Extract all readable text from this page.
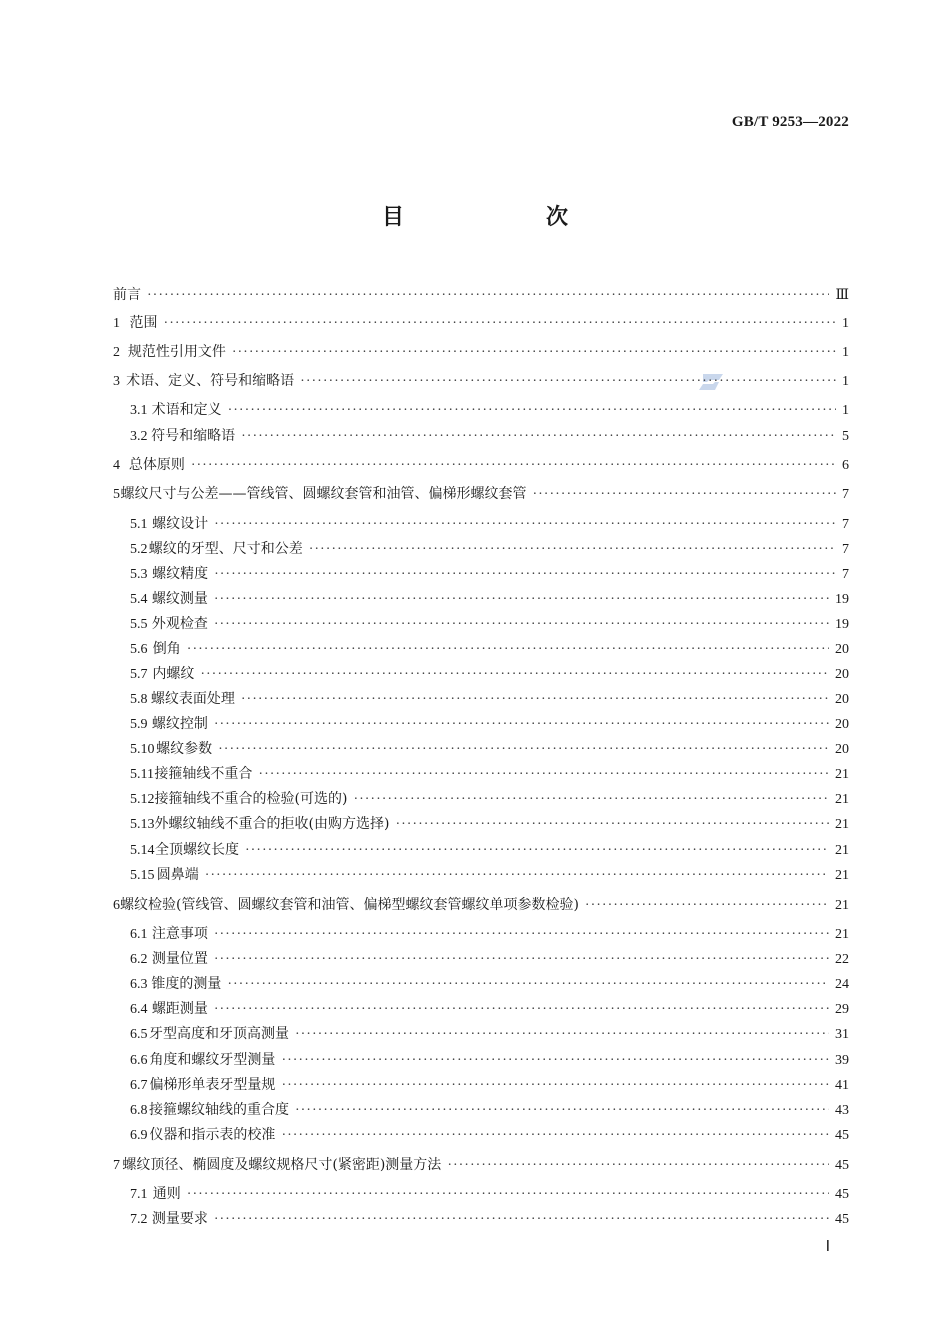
GB/T 9253—2022
目　次
前言 ·····	Ⅲ
1 范围 ·····	1
2 规范性引用文件 ·····	1
3 术语、定义、符号和缩略语 ·····	1
3.1 术语和定义 ·····	1
3.2 符号和缩略语 ·····	5
4 总体原则 ·····	6
5 螺纹尺寸与公差——管线管、圆螺纹套管和油管、偏梯形螺纹套管 ·····	7
5.1 螺纹设计 ·····	7
5.2 螺纹的牙型、尺寸和公差 ·····	7
5.3 螺纹精度 ·····	7
5.4 螺纹测量 ·····	19
5.5 外观检查 ·····	19
5.6 倒角 ·····	20
5.7 内螺纹 ·····	20
5.8 螺纹表面处理 ·····	20
5.9 螺纹控制 ·····	20
5.10 螺纹参数 ·····	20
5.11 接箍轴线不重合 ·····	21
5.12 接箍轴线不重合的检验(可选的) ·····	21
5.13 外螺纹轴线不重合的拒收(由购方选择) ·····	21
5.14 全顶螺纹长度 ·····	21
5.15 圆鼻端 ·····	21
6 螺纹检验(管线管、圆螺纹套管和油管、偏梯型螺纹套管螺纹单项参数检验) ·····	21
6.1 注意事项 ·····	21
6.2 测量位置 ·····	22
6.3 锥度的测量 ·····	24
6.4 螺距测量 ·····	29
6.5 牙型高度和牙顶高测量 ·····	31
6.6 角度和螺纹牙型测量 ·····	39
6.7 偏梯形单表牙型量规 ·····	41
6.8 接箍螺纹轴线的重合度 ·····	43
6.9 仪器和指示表的校准 ·····	45
7 螺纹顶径、椭圆度及螺纹规格尺寸(紧密距)测量方法 ·····	45
7.1 通则 ·····	45
7.2 测量要求 ·····	45
Ⅰ
